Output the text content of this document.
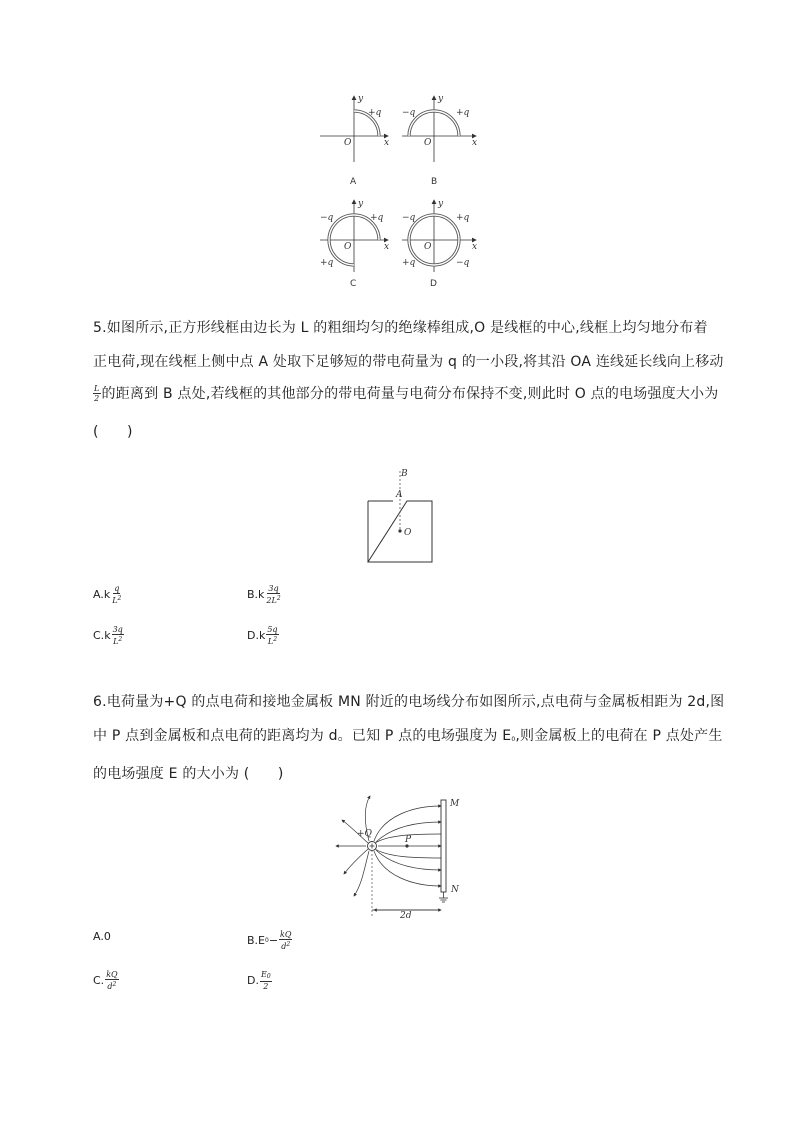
y
x
O
+q
A
y
x
O
−q	+q
B
y
x
O
−q	+q
+q
C
y
x
O
−q	+q
+q	−q
D
5.如图所示,正方形线框由边长为 L 的粗细均匀的绝缘棒组成,O 是线框的中心,线框上均匀地分布着
正电荷,现在线框上侧中点 A 处取下足够短的带电荷量为 q 的一小段,将其沿 OA 连线延长线向上移动
$\frac{L}{2}$ 的距离到 B 点处,若线框的其他部分的带电荷量与电荷分布保持不变,则此时 O 点的电场强度大小为
(　　)
B
A
O
A. k $\frac{q}{L^2}$	B. k $\frac{3q}{2L^2}$
C. k $\frac{3q}{L^2}$	D. k $\frac{5q}{L^2}$
6.电荷量为+Q 的点电荷和接地金属板 MN 附近的电场线分布如图所示,点电荷与金属板相距为 2d,图
中 P 点到金属板和点电荷的距离均为 d。已知 P 点的电场强度为 $E_0$,则金属板上的电荷在 P 点处产生
的电场强度 E 的大小为 (　　)
+Q
P
M
N
2d
A. 0	B. E $0 - \frac{kQ}{d^2}$
C. $\frac{kQ}{d^2}$	D. $\frac{E_0}{2}$
